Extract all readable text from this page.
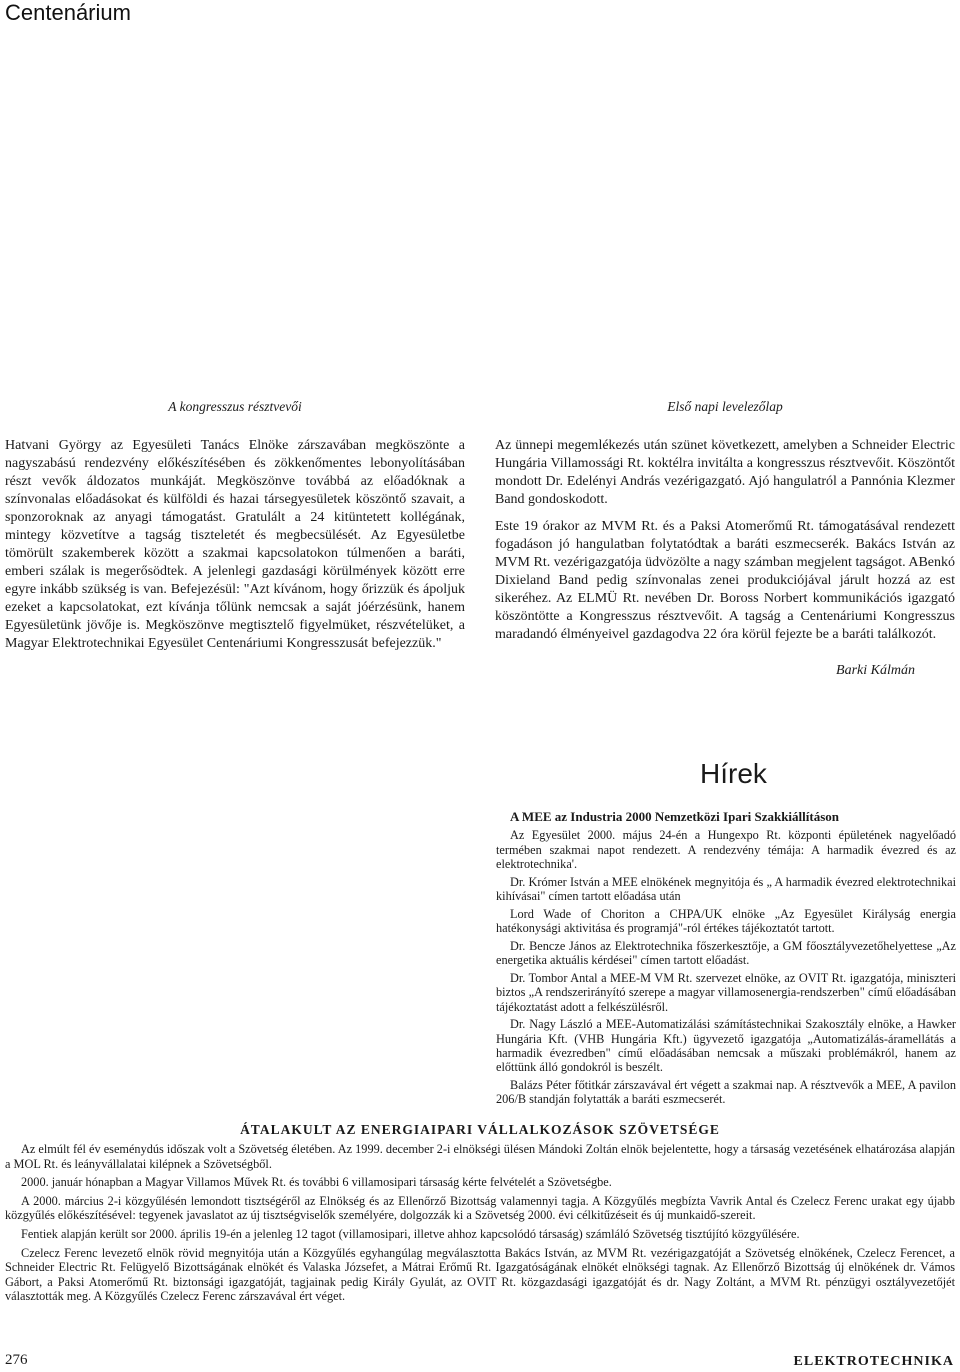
Centenárium
A kongresszus résztvevői	Első napi levelezőlap

Hatvani György az Egyesületi Tanács Elnöke zárszavában megköszönte a nagyszabású rendezvény előkészítésében és zökkenőmentes lebonyolításában részt vevők áldozatos munkáját. Megköszönve továbbá az előadóknak a színvonalas előadásokat és külföldi és hazai társegyesületek köszöntő szavait, a sponzoroknak az anyagi támogatást. Gratulált a 24 kitüntetett kollégának, mintegy közvetítve a tagság tiszteletét és megbecsülését. Az Egyesületbe tömörült szakemberek között a szakmai kapcsolatokon túlmenően a baráti, emberi szálak is megerősödtek. A jelenlegi gazdasági körülmények között erre egyre inkább szükség is van. Befejezésül: "Azt kívánom, hogy őrizzük és ápoljuk ezeket a kapcsolatokat, ezt kívánja tőlünk nemcsak a saját jóérzésünk, hanem Egyesületünk jövője is. Megköszönve megtisztelő figyelmüket, részvételüket, a Magyar Elektrotechnikai Egyesület Centenáriumi Kongresszusát befejezzük."

Az ünnepi megemlékezés után szünet következett, amelyben a Schneider Electric Hungária Villamossági Rt. koktélra invitálta a kongresszus résztvevőit. Köszöntőt mondott Dr. Edelényi András vezérigazgató. Ajó hangulatról a Pannónia Klezmer Band gondoskodott.

Este 19 órakor az MVM Rt. és a Paksi Atomerőmű Rt. támogatásával rendezett fogadáson jó hangulatban folytatódtak a baráti eszmecserék. Bakács István az MVM Rt. vezérigazgatója üdvözölte a nagy számban megjelent tagságot. ABenkó Dixieland Band pedig színvonalas zenei produkciójával járult hozzá az est sikeréhez. Az ELMÜ Rt. nevében Dr. Boross Norbert kommunikációs igazgató köszöntötte a Kongresszus résztvevőit. A tagság a Centenáriumi Kongresszus maradandó élményeivel gazdagodva 22 óra körül fejezte be a baráti találkozót.

Barki Kálmán

Hírek
A MEE az Industria 2000 Nemzetközi Ipari Szakkiállításon

Az Egyesület 2000. május 24-én a Hungexpo Rt. központi épületének nagyelőadó termében szakmai napot rendezett. A rendezvény témája: A harmadik évezred és az elektrotechnika'.

Dr. Krómer István a MEE elnökének megnyitója és „ A harmadik évezred elektrotechnikai kihívásai" címen tartott előadása után

Lord Wade of Choriton a CHPA/UK elnöke „Az Egyesület Királyság energia hatékonysági aktivitása és programjá"-ról értékes tájékoztatót tartott.

Dr. Bencze János az Elektrotechnika főszerkesztője, a GM főosztályvezetőhelyettese „Az energetika aktuális kérdései" címen tartott előadást.

Dr. Tombor Antal a MEE-M VM Rt. szervezet elnöke, az OVIT Rt. igazgatója, miniszteri biztos „A rendszerirányító szerepe a magyar villamosenergia-rendszerben" című előadásában tájékoztatást adott a felkészülésről.

Dr. Nagy László a MEE-Automatizálási számítástechnikai Szakosztály elnöke, a Hawker Hungária Kft. (VHB Hungária Kft.) ügyvezető igazgatója „Automatizálás-áramellátás a harmadik évezredben" című előadásában nemcsak a műszaki problémákról, hanem az előttünk álló gondokról is beszélt.

Balázs Péter főtitkár zárszavával ért végett a szakmai nap. A résztvevők a MEE, A pavilon 206/B standján folytatták a baráti eszmecserét.

ÁTALAKULT AZ ENERGIAIPARI VÁLLALKOZÁSOK SZÖVETSÉGE

Az elmúlt fél év eseménydús időszak volt a Szövetség életében. Az 1999. december 2-i elnökségi ülésen Mándoki Zoltán elnök bejelentette, hogy a társaság vezetésének elhatározása alapján a MOL Rt. és leányvállalatai kilépnek a Szövetségből.

2000. január hónapban a Magyar Villamos Művek Rt. és további 6 villamosipari társaság kérte felvételét a Szövetségbe.

A 2000. március 2-i közgyűlésén lemondott tisztségéről az Elnökség és az Ellenőrző Bizottság valamennyi tagja. A Közgyűlés megbízta Vavrik Antal és Czelecz Ferenc urakat egy újabb közgyűlés előkészítésével: tegyenek javaslatot az új tisztségviselők személyére, dolgozzák ki a Szövetség 2000. évi célkitűzéseit és új munkaidő-szereit.

Fentiek alapján került sor 2000. április 19-én a jelenleg 12 tagot (villamosipari, illetve ahhoz kapcsolódó társaság) számláló Szövetség tisztújító közgyűlésére.

Czelecz Ferenc levezető elnök rövid megnyitója után a Közgyűlés egyhangúlag megválasztotta Bakács István, az MVM Rt. vezérigazgatóját a Szövetség elnökének, Czelecz Ferencet, a Schneider Electric Rt. Felügyelő Bizottságának elnökét és Valaska Józsefet, a Mátrai Erőmű Rt. Igazgatóságának elnökét elnökségi tagnak. Az Ellenőrző Bizottság új elnökének dr. Vámos Gábort, a Paksi Atomerőmű Rt. biztonsági igazgatóját, tagjainak pedig Király Gyulát, az OVIT Rt. közgazdasági igazgatóját és dr. Nagy Zoltánt, a MVM Rt. pénzügyi osztályvezetőjét választották meg. A Közgyűlés Czelecz Ferenc zárszavával ért véget.

276	ELEKTROTECHNIKA
